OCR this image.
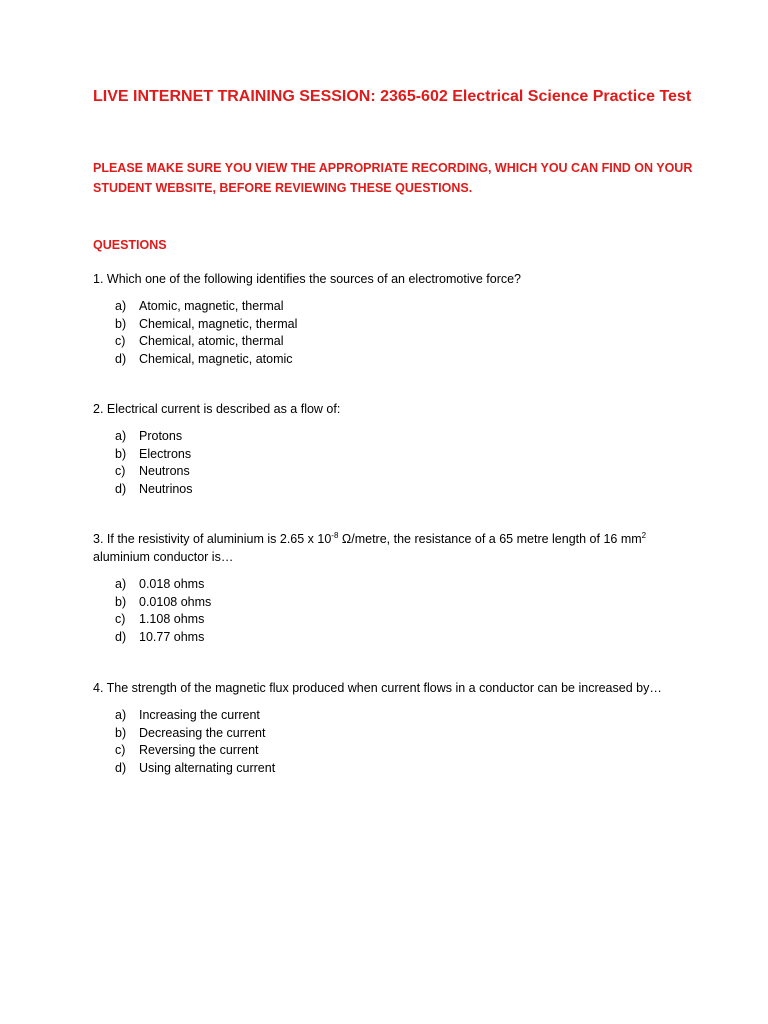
LIVE INTERNET TRAINING SESSION: 2365-602 Electrical Science Practice Test
PLEASE MAKE SURE YOU VIEW THE APPROPRIATE RECORDING, WHICH YOU CAN FIND ON YOUR
STUDENT WEBSITE, BEFORE REVIEWING THESE QUESTIONS.
QUESTIONS

1. Which one of the following identifies the sources of an electromotive force?

a)	Atomic, magnetic, thermal
b)	Chemical, magnetic, thermal
c)	Chemical, atomic, thermal
d)	Chemical, magnetic, atomic

2. Electrical current is described as a flow of:

a)	Protons
b)	Electrons
c)	Neutrons
d)	Neutrinos

3. If the resistivity of aluminium is 2.65 x $10^{-8}$ Ω/metre, the resistance of a 65 metre length of 16 $mm^2$ aluminium conductor is…

a)	0.018 ohms
b)	0.0108 ohms
c)	1.108 ohms
d)	10.77 ohms

4. The strength of the magnetic flux produced when current flows in a conductor can be increased by…

a)	Increasing the current
b)	Decreasing the current
c)	Reversing the current
d)	Using alternating current
